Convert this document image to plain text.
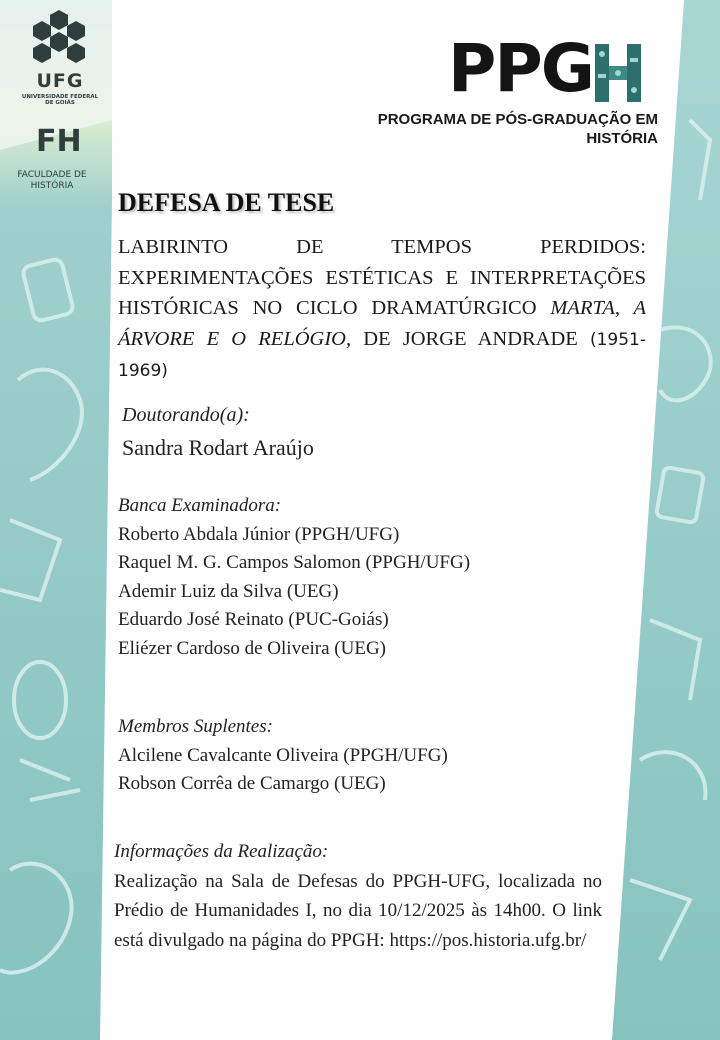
UFG
UNIVERSIDADE FEDERAL DE GOIÁS
FH
FACULDADE DE HISTÓRIA
PPG
PROGRAMA DE PÓS-GRADUAÇÃO EM
HISTÓRIA
DEFESA DE TESE

LABIRINTO DE TEMPOS PERDIDOS: EXPERIMENTAÇÕES ESTÉTICAS E INTERPRETAÇÕES HISTÓRICAS NO CICLO DRAMATÚRGICO MARTA, A ÁRVORE E O RELÓGIO, DE JORGE ANDRADE (1951-1969)

Doutorando(a):
Sandra Rodart Araújo
Banca Examinadora:
Roberto Abdala Júnior (PPGH/UFG)
Raquel M. G. Campos Salomon (PPGH/UFG)
Ademir Luiz da Silva (UEG)
Eduardo José Reinato (PUC-Goiás)
Eliézer Cardoso de Oliveira (UEG)
Membros Suplentes:
Alcilene Cavalcante Oliveira (PPGH/UFG)
Robson Corrêa de Camargo (UEG)
Informações da Realização:
Realização na Sala de Defesas do PPGH-UFG, localizada no Prédio de Humanidades I, no dia 10/12/2025 às 14h00. O link está divulgado na página do PPGH: https://pos.historia.ufg.br/
